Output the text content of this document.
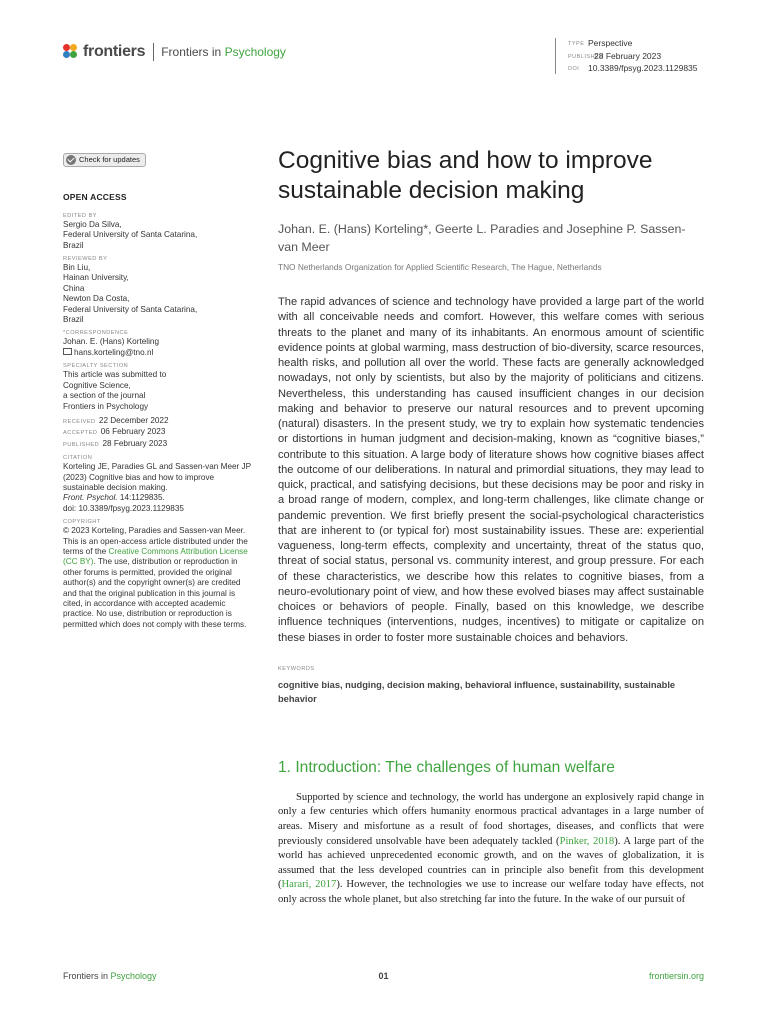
frontiers Frontiers in Psychology
TYPE Perspective
PUBLISHED28 February 2023
DOI 10.3389/fpsyg.2023.1129835
Check for updates
OPEN ACCESS
EDITED BY
Sergio Da Silva,
Federal University of Santa Catarina,
Brazil
REVIEWED BY
Bin Liu,
Hainan University,
China
Newton Da Costa,
Federal University of Santa Catarina,
Brazil
*CORRESPONDENCE
Johan. E. (Hans) Korteling
hans.korteling@tno.nl
SPECIALTY SECTION
This article was submitted to
Cognitive Science,
a section of the journal
Frontiers in Psychology
RECEIVED 22 December 2022
ACCEPTED 06 February 2023
PUBLISHED 28 February 2023
CITATION
Korteling JE, Paradies GL and Sassen-van Meer JP (2023) Cognitive bias and how to improve sustainable decision making.
Front. Psychol. 14:1129835.
doi: 10.3389/fpsyg.2023.1129835
COPYRIGHT
© 2023 Korteling, Paradies and Sassen-van Meer. This is an open-access article distributed under the terms of the Creative Commons Attribution License (CC BY). The use, distribution or reproduction in other forums is permitted, provided the original author(s) and the copyright owner(s) are credited and that the original publication in this journal is cited, in accordance with accepted academic practice. No use, distribution or reproduction is permitted which does not comply with these terms.
Cognitive bias and how to improve sustainable decision making
Johan. E. (Hans) Korteling*, Geerte L. Paradies and Josephine P. Sassen-van Meer
TNO Netherlands Organization for Applied Scientific Research, The Hague, Netherlands
The rapid advances of science and technology have provided a large part of the world with all conceivable needs and comfort. However, this welfare comes with serious threats to the planet and many of its inhabitants. An enormous amount of scientific evidence points at global warming, mass destruction of bio-diversity, scarce resources, health risks, and pollution all over the world. These facts are generally acknowledged nowadays, not only by scientists, but also by the majority of politicians and citizens. Nevertheless, this understanding has caused insufficient changes in our decision making and behavior to preserve our natural resources and to prevent upcoming (natural) disasters. In the present study, we try to explain how systematic tendencies or distortions in human judgment and decision-making, known as “cognitive biases,” contribute to this situation. A large body of literature shows how cognitive biases affect the outcome of our deliberations. In natural and primordial situations, they may lead to quick, practical, and satisfying decisions, but these decisions may be poor and risky in a broad range of modern, complex, and long-term challenges, like climate change or pandemic prevention. We first briefly present the social-psychological characteristics that are inherent to (or typical for) most sustainability issues. These are: experiential vagueness, long-term effects, complexity and uncertainty, threat of the status quo, threat of social status, personal vs. community interest, and group pressure. For each of these characteristics, we describe how this relates to cognitive biases, from a neuro-evolutionary point of view, and how these evolved biases may affect sustainable choices or behaviors of people. Finally, based on this knowledge, we describe influence techniques (interventions, nudges, incentives) to mitigate or capitalize on these biases in order to foster more sustainable choices and behaviors.
KEYWORDS
cognitive bias, nudging, decision making, behavioral influence, sustainability, sustainable behavior
1. Introduction: The challenges of human welfare
Supported by science and technology, the world has undergone an explosively rapid change in only a few centuries which offers humanity enormous practical advantages in a large number of areas. Misery and misfortune as a result of food shortages, diseases, and conflicts that were previously considered unsolvable have been adequately tackled (Pinker, 2018). A large part of the world has achieved unprecedented economic growth, and on the waves of globalization, it is assumed that the less developed countries can in principle also benefit from this development (Harari, 2017). However, the technologies we use to increase our welfare today have effects, not only across the whole planet, but also stretching far into the future. In the wake of our pursuit of
Frontiers in Psychology	01	frontiersin.org
